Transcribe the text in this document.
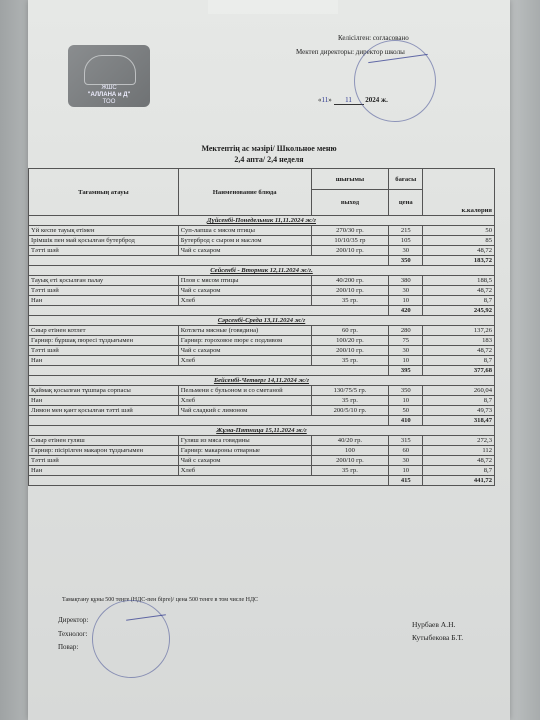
Келісілген: согласовано
Мектеп директоры: директор школы
«11» 11 2024 ж.
ЖШС
"АЛЛАНА и Д"
ТОО
Мектептің ас мәзірі/ Школьное меню
2,4 апта/ 2,4 неделя
Тағамның атауы	Наименование блюда	шығымы	бағасы	к.калория
		выход	цена	
Дүйсенбі-Понедельник 11,11.2024 ж/г				
Үй кеспе тауық етімен	Суп-лапша с мясом птицы	270/30 гр.	215	50
Ірімшік пен май қосылған бутерброд	Бутерброд с сыром и маслом	10/10/35 гр	105	85
Тәтті шәй	Чай с сахаром	200/10 гр.	30	48,72
			350	183,72
Сейсенбі - Вторник 12,11.2024 ж/г.				
Тауық еті қосылған палау	Плов с мясом птицы	40/200 гр.	380	188,5
Тәтті шәй	Чай с сахаром	200/10 гр.	30	48,72
Нан	Хлеб	35 гр.	10	8,7
			420	245,92
Сәрсенбі-Среда 13,11.2024 ж/г				
Сиыр етінен котлет	Котлеты мясные (говядина)	60 гр.	280	137,26
Гарнир: бұршақ пюресі тұздығымен	Гарнир: гороховое пюре с подливом	100/20 гр.	75	183
Тәтті шәй	Чай с сахаром	200/10 гр.	30	48,72
Нан	Хлеб	35 гр.	10	8,7
			395	377,68
Бейсенбі-Четверг 14,11.2024 ж/г				
Қаймақ қосылған тұшпара сорпасы	Пельмени с бульоном и со сметаной	130/75/5 гр.	350	260,04
Нан	Хлеб	35 гр.	10	8,7
Лимон мен қант қосылған тәтті шәй	Чай сладкий с лимоном	200/5/10 гр.	50	49,73
			410	318,47
Жұма-Пятница 15,11.2024 ж/г				
Сиыр етінен гуляш	Гуляш из мяса говядины	40/20 гр.	315	272,3
Гарнир: пісірілген макарон тұздығымен	Гарнир: макароны отварные	100	60	112
Тәтті шәй	Чай с сахаром	200/10 гр.	30	48,72
Нан	Хлеб	35 гр.	10	8,7
			415	441,72
Тамақтану құны 500 теңге (НДС-пен бірге)/ цена 500 тенге в том числе НДС
Директор:
Технолог:
Повар:
Нурбаев А.Н.
Кутыбекова Б.Т.
